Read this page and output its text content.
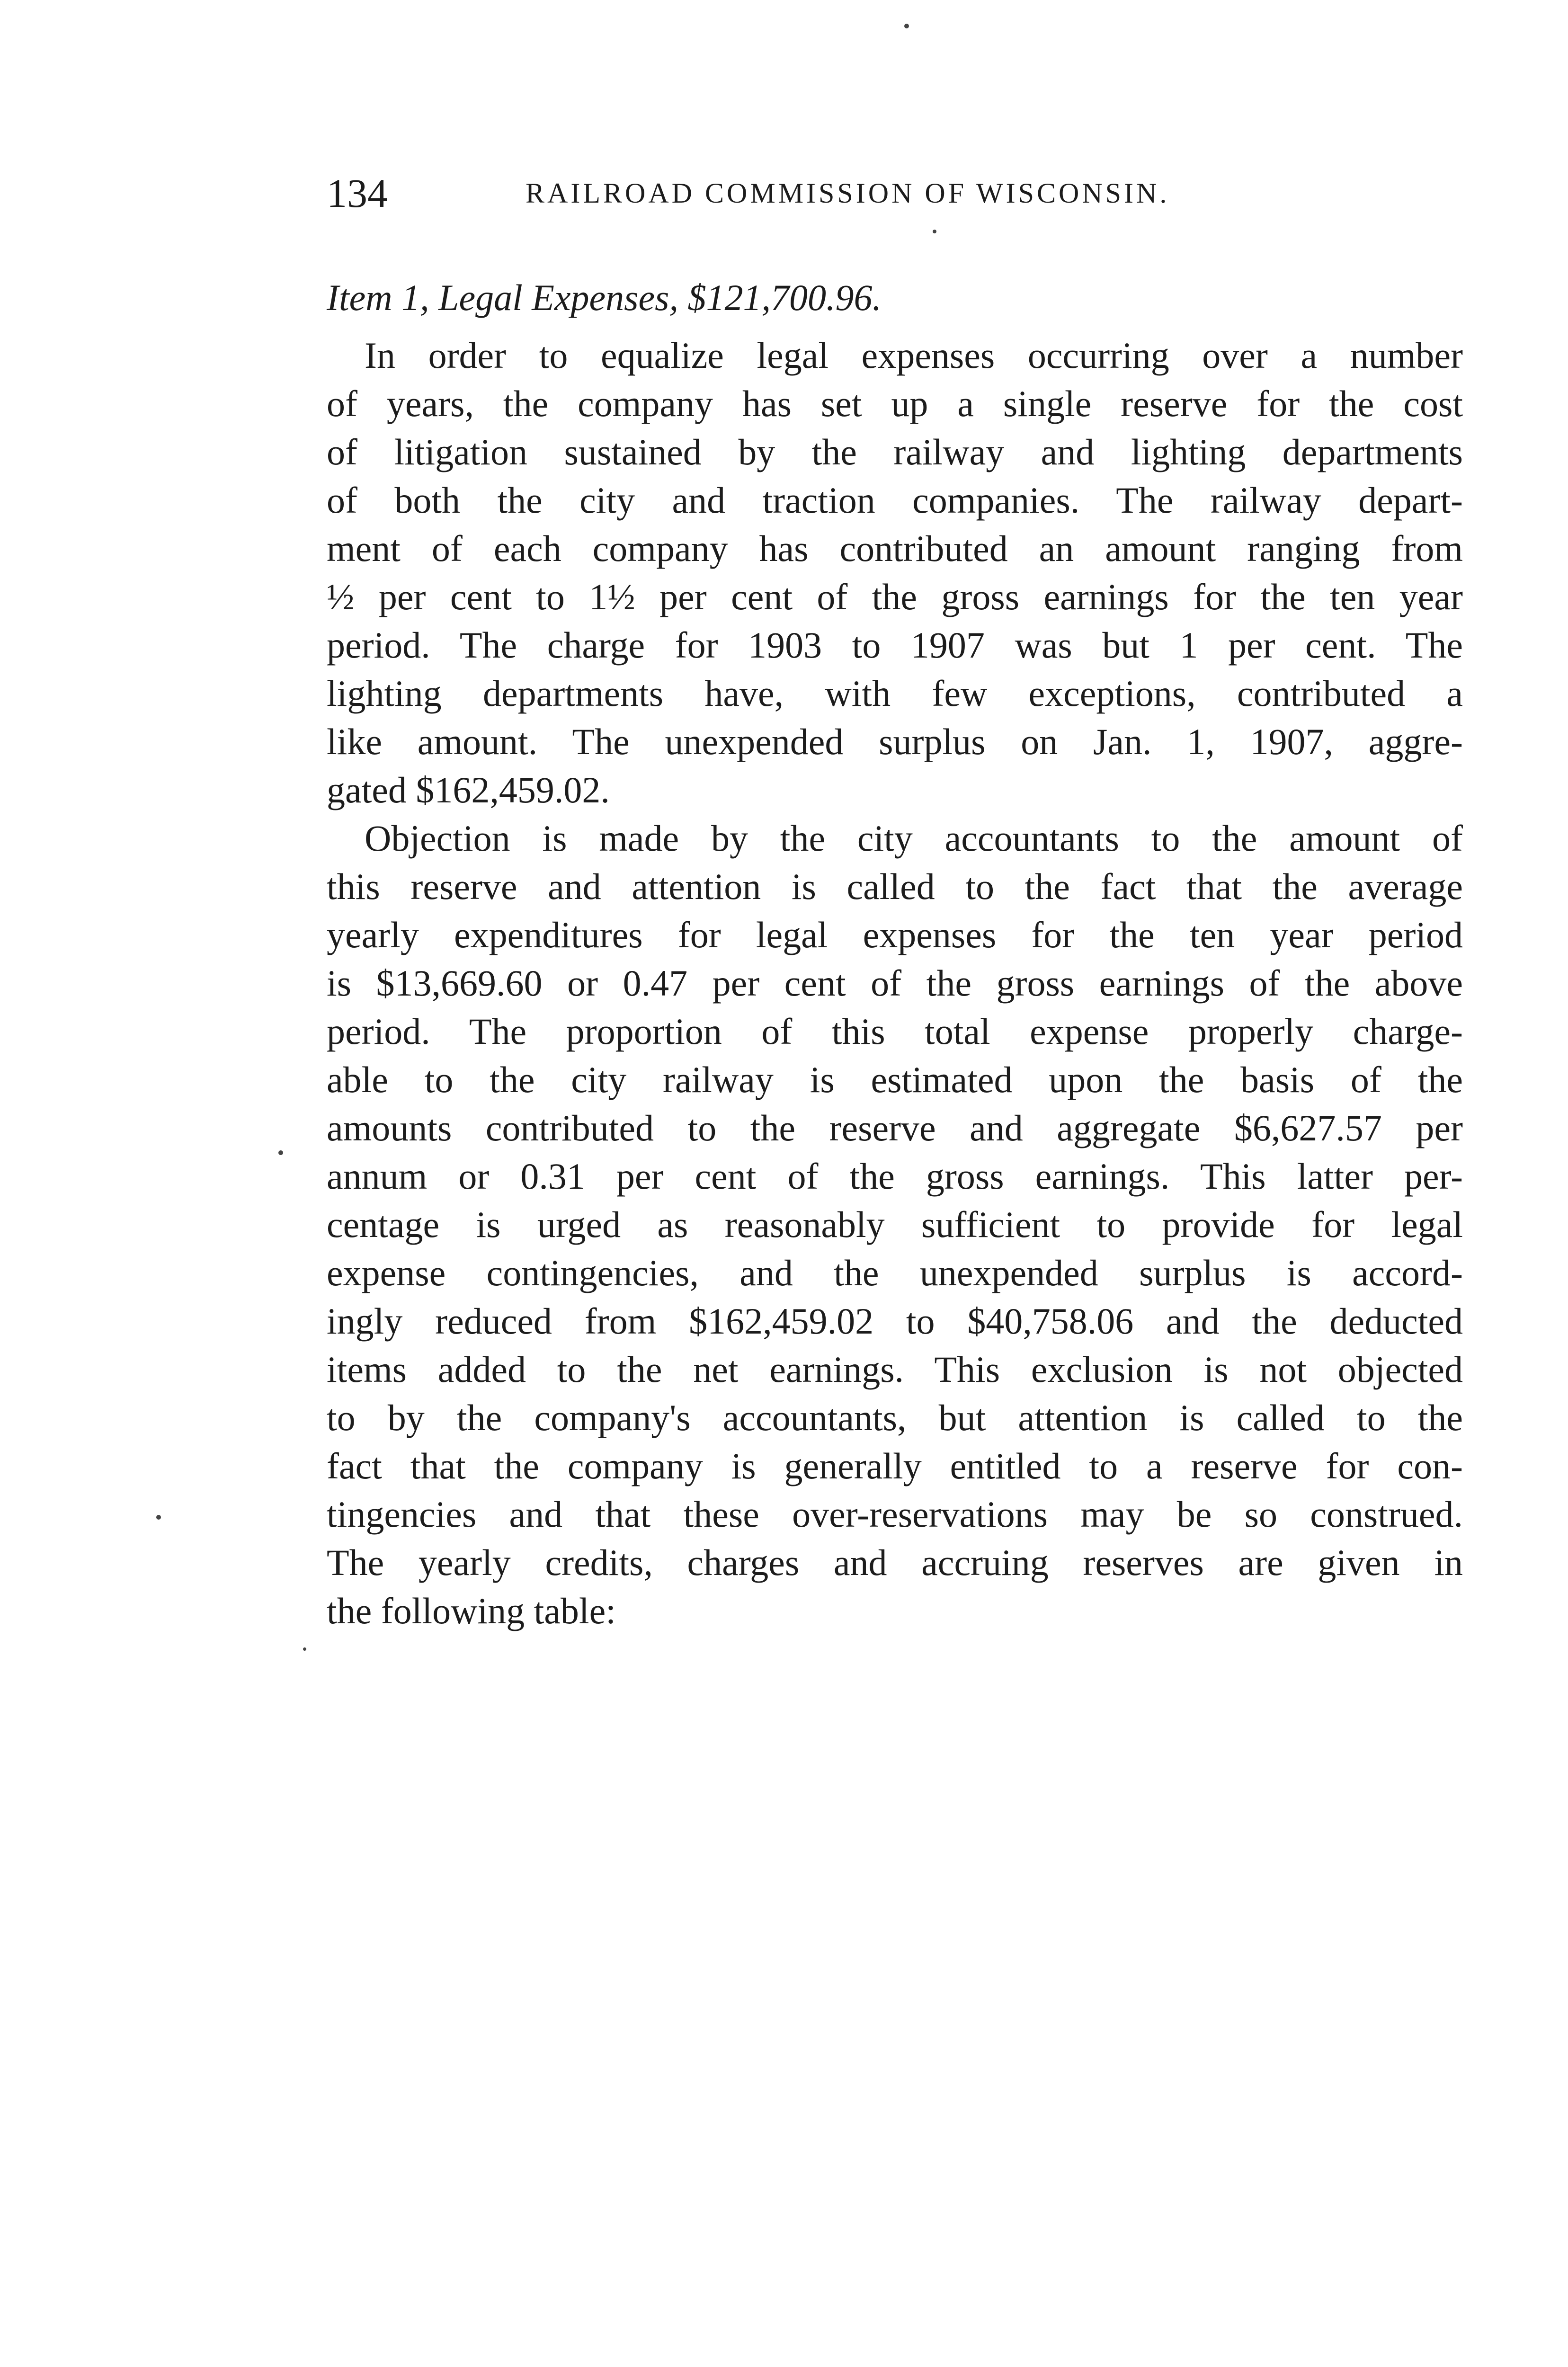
134	RAILROAD COMMISSION OF WISCONSIN.
Item 1, Legal Expenses, $121,700.96.
In order to equalize legal expenses occurring over a number
of years, the company has set up a single reserve for the cost
of litigation sustained by the railway and lighting departments
of both the city and traction companies. The railway depart-
ment of each company has contributed an amount ranging from
½ per cent to 1½ per cent of the gross earnings for the ten year
period. The charge for 1903 to 1907 was but 1 per cent. The
lighting departments have, with few exceptions, contributed a
like amount. The unexpended surplus on Jan. 1, 1907, aggre-
gated $162,459.02.
Objection is made by the city accountants to the amount of
this reserve and attention is called to the fact that the average
yearly expenditures for legal expenses for the ten year period
is $13,669.60 or 0.47 per cent of the gross earnings of the above
period. The proportion of this total expense properly charge-
able to the city railway is estimated upon the basis of the
amounts contributed to the reserve and aggregate $6,627.57 per
annum or 0.31 per cent of the gross earnings. This latter per-
centage is urged as reasonably sufficient to provide for legal
expense contingencies, and the unexpended surplus is accord-
ingly reduced from $162,459.02 to $40,758.06 and the deducted
items added to the net earnings. This exclusion is not objected
to by the company's accountants, but attention is called to the
fact that the company is generally entitled to a reserve for con-
tingencies and that these over-reservations may be so construed.
The yearly credits, charges and accruing reserves are given in
the following table:
